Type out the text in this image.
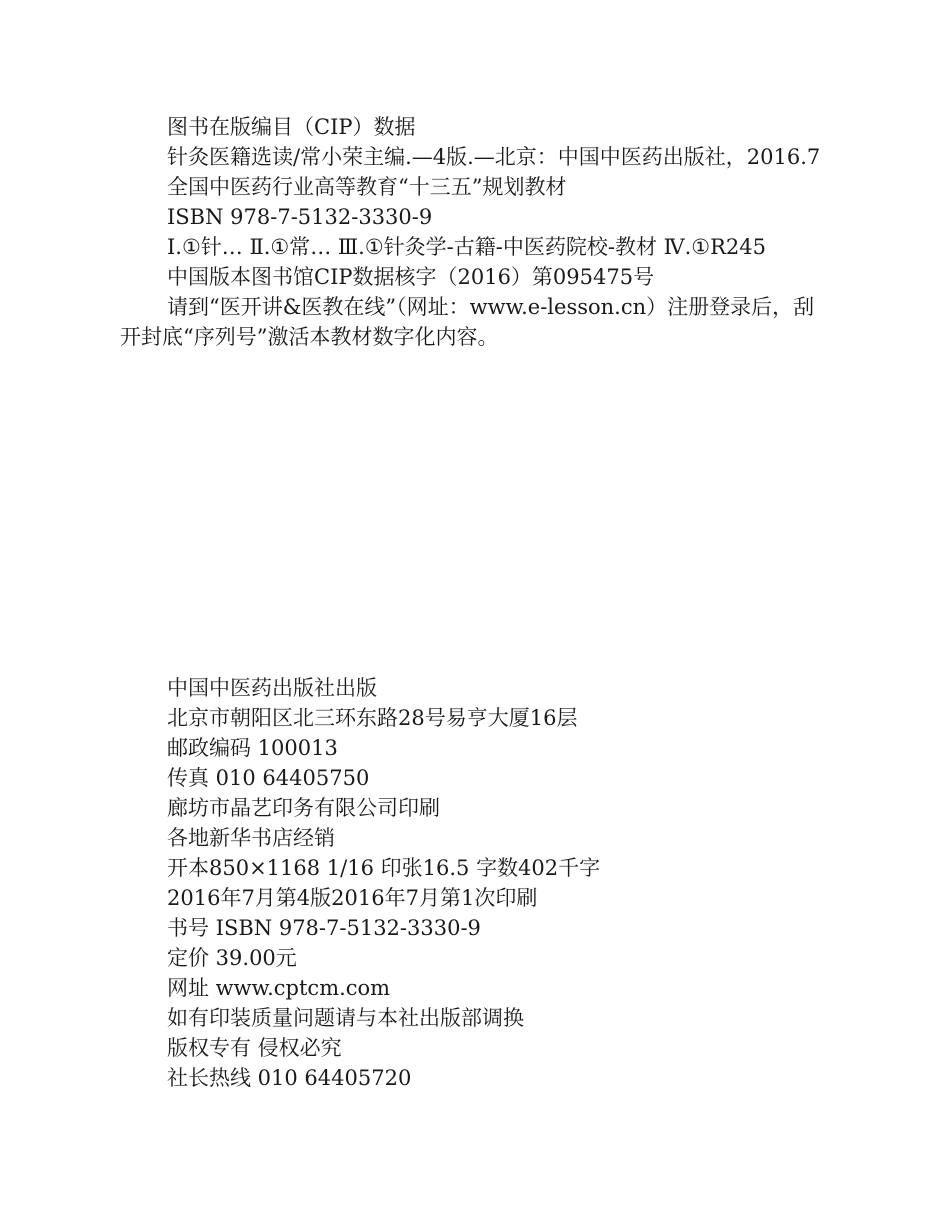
图书在版编目（CIP）数据

针灸医籍选读/常小荣主编.—4版.—北京：中国中医药出版社，2016.7

全国中医药行业高等教育“十三五”规划教材

ISBN 978-7-5132-3330-9

Ⅰ.①针… Ⅱ.①常… Ⅲ.①针灸学-古籍-中医药院校-教材 Ⅳ.①R245

中国版本图书馆CIP数据核字（2016）第095475号

请到“医开讲&医教在线”（网址：www.e-lesson.cn）注册登录后，刮开封底“序列号”激活本教材数字化内容。

中国中医药出版社出版

北京市朝阳区北三环东路28号易亨大厦16层

邮政编码 100013

传真 010 64405750

廊坊市晶艺印务有限公司印刷

各地新华书店经销

开本850×1168 1/16 印张16.5 字数402千字

2016年7月第4版2016年7月第1次印刷

书号 ISBN 978-7-5132-3330-9

定价 39.00元

网址 www.cptcm.com

如有印装质量问题请与本社出版部调换

版权专有 侵权必究

社长热线 010 64405720
